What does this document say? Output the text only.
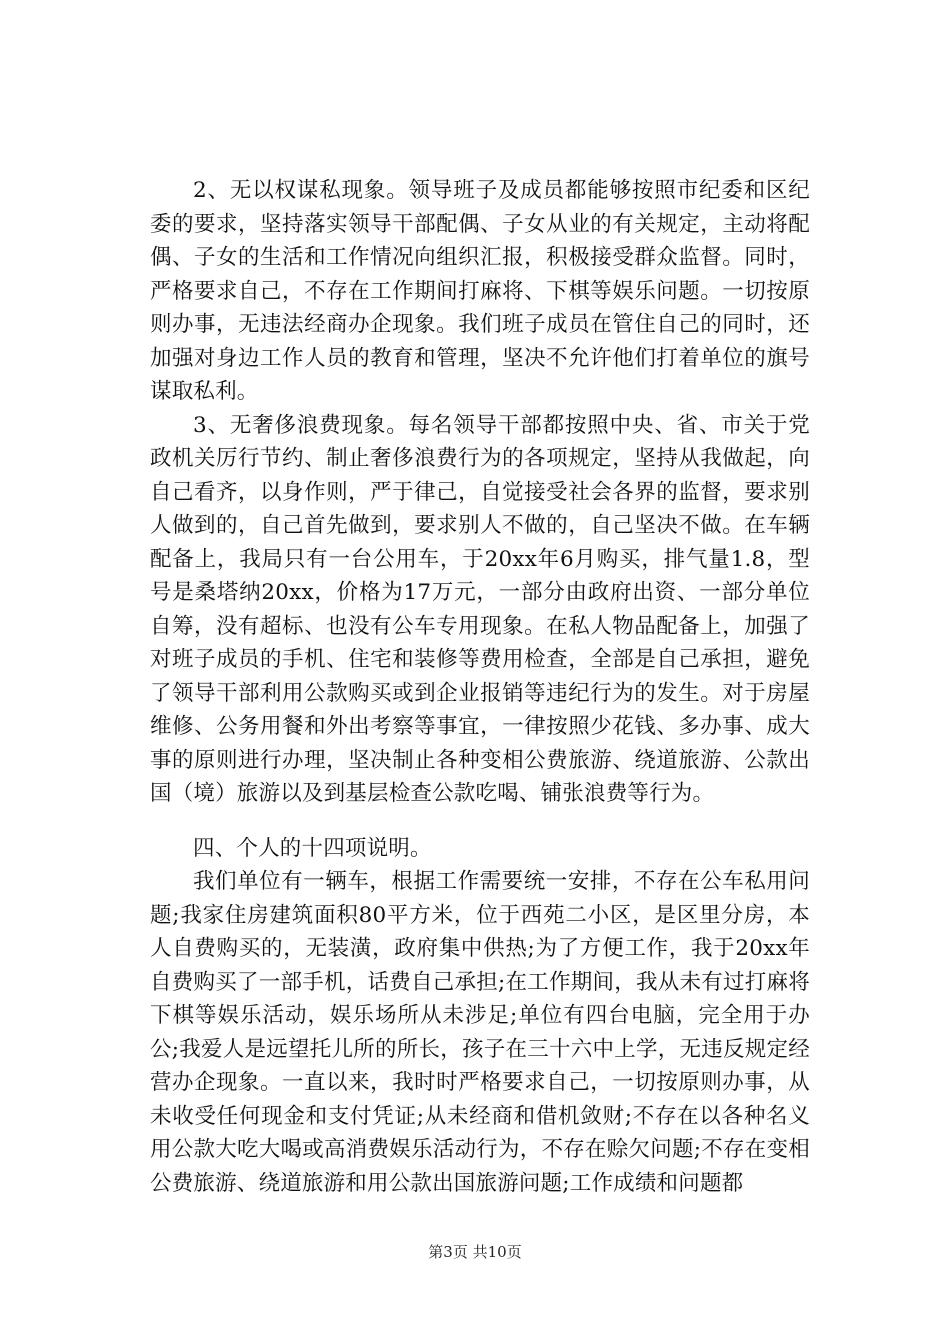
2、无以权谋私现象。领导班子及成员都能够按照市纪委和区纪委的要求，坚持落实领导干部配偶、子女从业的有关规定，主动将配偶、子女的生活和工作情况向组织汇报，积极接受群众监督。同时，严格要求自己，不存在工作期间打麻将、下棋等娱乐问题。一切按原则办事，无违法经商办企现象。我们班子成员在管住自己的同时，还加强对身边工作人员的教育和管理，坚决不允许他们打着单位的旗号谋取私利。

3、无奢侈浪费现象。每名领导干部都按照中央、省、市关于党政机关厉行节约、制止奢侈浪费行为的各项规定，坚持从我做起，向自己看齐，以身作则，严于律己，自觉接受社会各界的监督，要求别人做到的，自己首先做到，要求别人不做的，自己坚决不做。在车辆配备上，我局只有一台公用车，于20xx年6月购买，排气量1.8，型号是桑塔纳20xx，价格为17万元，一部分由政府出资、一部分单位自筹，没有超标、也没有公车专用现象。在私人物品配备上，加强了对班子成员的手机、住宅和装修等费用检查，全部是自己承担，避免了领导干部利用公款购买或到企业报销等违纪行为的发生。对于房屋维修、公务用餐和外出考察等事宜，一律按照少花钱、多办事、成大事的原则进行办理，坚决制止各种变相公费旅游、绕道旅游、公款出国（境）旅游以及到基层检查公款吃喝、铺张浪费等行为。

四、个人的十四项说明。

我们单位有一辆车，根据工作需要统一安排，不存在公车私用问题;我家住房建筑面积80平方米，位于西苑二小区，是区里分房，本人自费购买的，无装潢，政府集中供热;为了方便工作，我于20xx年自费购买了一部手机，话费自己承担;在工作期间，我从未有过打麻将下棋等娱乐活动，娱乐场所从未涉足;单位有四台电脑，完全用于办公;我爱人是远望托儿所的所长，孩子在三十六中上学，无违反规定经营办企现象。一直以来，我时时严格要求自己，一切按原则办事，从未收受任何现金和支付凭证;从未经商和借机敛财;不存在以各种名义用公款大吃大喝或高消费娱乐活动行为，不存在赊欠问题;不存在变相公费旅游、绕道旅游和用公款出国旅游问题;工作成绩和问题都

第3页 共10页
